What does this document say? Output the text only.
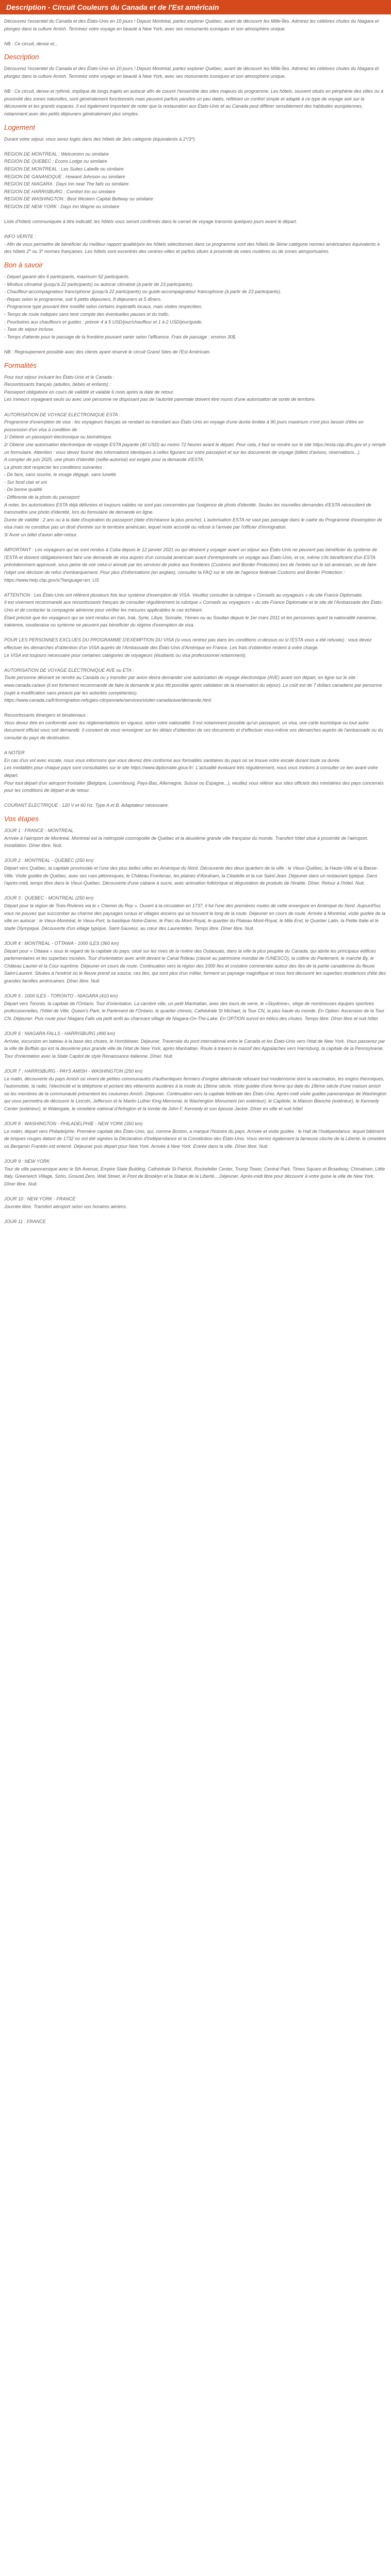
Description - Circuit Couleurs du Canada et de l'Est américain

Découvrez l'essentiel du Canada et des États-Unis en 10 jours ! Depuis Montréal, partez explorer Québec, avant de découvrir les Mille-Îles. Admirez les célèbres chutes du Niagara et plongez dans la culture Amish. Terminez votre voyage en beauté à New York, avec ses monuments iconiques et son atmosphère unique.

NB : Ce circuit, dense et...

Description

Découvrez l'essentiel du Canada et des États-Unis en 10 jours ! Depuis Montréal, partez explorer Québec, avant de découvrir les Mille-Îles. Admirez les célèbres chutes du Niagara et plongez dans la culture Amish. Terminez votre voyage en beauté à New York, avec ses monuments iconiques et son atmosphère unique.

NB : Ce circuit, dense et rythmé, implique de longs trajets en autocar afin de couvrir l'ensemble des sites majeurs du programme. Les hôtels, souvent situés en périphérie des villes ou à proximité des zones naturelles, sont généralement fonctionnels mais peuvent parfois paraître un peu datés, reflétant un confort simple et adapté à ce type de voyage axé sur la découverte et les grands espaces. Il est également important de noter que la restauration aux États-Unis et au Canada peut différer sensiblement des habitudes européennes, notamment avec des petits déjeuners généralement plus simples.

Logement

Durant votre séjour, vous serez logés dans des hôtels de 3ets catégorie (équivalents à 2*/3*).

REGION DE MONTREAL : Welcominn ou similaire

REGION DE QUEBEC : Econo Lodge ou similaire

REGION DE MONTREAL : Les Suites Labelle ou similaire

REGION DE GANANOQUE : Howard Johnson ou similaire

REGION DE NIAGARA : Days Inn near The falls ou similaire

REGION DE HARRISBURG : Comfort Inn ou similaire

REGION DE WASHINGTON : Best Western Capital Beltway ou similaire

REGION DE NEW YORK : Days Inn Wayne ou similaire

Liste d'hôtels communiquée à titre indicatif, les hôtels vous seront confirmés dans le carnet de voyage transmis quelques jours avant le départ.

INFO VERITE :

- Afin de vous permettre de bénéficier du meilleur rapport qualité/prix les hôtels sélectionnés dans ce programme sont des hôtels de 3ème catégorie normes américaines équivalents à des hôtels 2* ou 3* normes françaises. Les hôtels sont excentrés des centres-villes et parfois situés à proximité de voies routières ou de zones aéroportuaires.

Bon à savoir

- Départ garanti dès 6 participants, maximum 52 participants.

- Minibus climatisé (jusqu'à 22 participants) ou autocar climatisé (à partir de 23 participants).

- Chauffeur-accompagnateur francophone (jusqu'à 22 participants) ou guide-accompagnateur francophone (à partir de 23 participants).

- Repas selon le programme, soit 9 petits déjeuners, 8 déjeuners et 5 dîners.

- Programme type pouvant être modifié selon certains impératifs locaux, mais visites respectées.

- Temps de route indiqués sans tenir compte des éventuelles pauses et du trafic.

- Pourboires aux chauffeurs et guides : prévoir 4 à 5 USD/jour/chauffeur et 1 à 2 USD/jour/guide.

- Taxe de séjour incluse.

- Temps d'attente pour le passage de la frontière pouvant varier selon l'affluence. Frais de passage : environ 30$.

NB : Regroupement possible avec des clients ayant réservé le circuit Grand Sites de l'Est Américain.

Formalités

Pour tout séjour incluant les États-Unis et le Canada :

Ressortissants français (adultes, bébés et enfants) :

Passeport obligatoire en cours de validité et valable 6 mois après la date de retour.

Les mineurs voyageant seuls ou avec une personne ne disposant pas de l'autorité parentale doivent être munis d'une autorisation de sortie de territoire.

AUTORISATION DE VOYAGE ELECTRONIQUE ESTA :

Programme d'exemption de visa : les voyageurs français se rendant ou transitant aux États-Unis en voyage d'une durée limitée à 90 jours maximum n'ont plus besoin d'être en possession d'un visa à condition de :

1/ Détenir un passeport électronique ou biométrique.

2/ Obtenir une autorisation électronique de voyage ESTA payante (40 USD) au moins 72 heures avant le départ. Pour cela, il faut se rendre sur le site https://esta.cbp.dhs.gov et y remplir un formulaire. Attention : vous devez fournir des informations identiques à celles figurant sur votre passeport et sur les documents de voyage (billets d'avions, réservations...).

A compter de juin 2025, une photo d'identité (selfie-autorisé) est exigée pour la demande d'ESTA.

La photo doit respecter les conditions suivantes :

- De face, sans sourire, le visage dégagé, sans lunette

- Sur fond clair et uni

- De bonne qualité

- Différente de la photo du passeport

A noter, les autorisations ESTA déjà délivrées et toujours valides ne sont pas concernées par l'exigence de photo d'identité. Seules les nouvelles demandes d'ESTA nécessitent de transmettre une photo d'identité, lors du formulaire de demande en ligne.

Durée de validité : 2 ans ou à la date d'expiration du passeport (date d'échéance la plus proche). L'autorisation ESTA ne vaut pas passage dans le cadre du Programme d'exemption de visa mais ne constitue pas un droit d'entrée sur le territoire américain, lequel reste accordé ou refusé à l'arrivée par l'officier d'immigration.

3/ Avoir un billet d'avion aller-retour.

IMPORTANT : Les voyageurs qui se sont rendus à Cuba depuis le 12 janvier 2021 ou qui désirent y voyager avant un séjour aux États-Unis ne peuvent pas bénéficier du système de l'ESTA et doivent obligatoirement faire une demande de visa auprès d'un consulat américain avant d'entreprendre un voyage aux États-Unis, et ce, même s'ils bénéficient d'un ESTA précédemment approuvé, sous peine de voir celui-ci annulé par les services de police aux frontières (Customs and Border Protection) lors de l'entrée sur le sol américain, ou de faire l'objet une décision de refus d'embarquement. Pour plus d'informations (en anglais), consulter la FAQ sur le site de l'agence fédérale Customs and Border Protection : https://www.help.cbp.gov/s/?language=en_US

ATTENTION : Les États-Unis ont référent plusieurs fois leur système d'exemption de VISA. Veuillez consulter la rubrique « Conseils au voyageurs » du site France Diplomatie.

Il est vivement recommandé aux ressortissants français de consulter régulièrement la rubrique « Conseils au voyageurs » du site France Diplomatie et le site de l'Ambassade des États-Unis et de contacter la compagnie aérienne pour vérifier les mesures applicables le cas échéant.

Étant précisé que les voyageurs qui se sont rendus en Iran, Irak, Syrie, Libye, Somalie, Yémen ou au Soudan depuis le 1er mars 2011 et les personnes ayant la nationalité iranienne, irakienne, soudanaise ou syrienne ne peuvent pas bénéficier du régime d'exemption de visa.

POUR LES PERSONNES EXCLUES DU PROGRAMME D'EXEMPTION DU VISA (si vous rentrez pas dans les conditions ci-dessus ou si l'ESTA vous a été refusée) : vous devez effectuer les démarches d'obtention d'un VISA auprès de l'Ambassade des États-Unis d'Amérique en France. Les frais d'obtention restent à votre charge.

Le VISA est toujours nécessaire pour certaines catégories de voyageurs (étudiants ou visa professionnel notamment).

AUTORISATION DE VOYAGE ELECTRONIQUE AVE ou ETA :

Toute personne désirant se rendre au Canada ou y transiter par avion devra demander une autorisation de voyage électronique (AVE) avant son départ, en ligne sur le site : www.canada.ca/ave (il est fortement recommandé de faire la demande le plus tôt possible après validation de la réservation du séjour). Le coût est de 7 dollars canadiens par personne (sujet à modification sans préavis par les autorités compétentes).

https://www.canada.ca/fr/immigration-refugies-citoyennete/services/visiter-canada/ave/demande.html

Ressortissants étrangers et binationaux :

Vous devez être en conformité avec les réglementations en vigueur, selon votre nationalité. Il est notamment possible qu'un passeport, un visa, une carte touristique ou tout autre document officiel vous soit demandé. Il convient de vous renseigner sur les délais d'obtention de ces documents et d'effectuer vous-même vos démarches auprès de l'ambassade ou du consulat du pays de destination.

A NOTER

En cas d'un vol avec escale, nous vous informons que vous devrez être conforme aux formalités sanitaires du pays où se trouve votre escale durant toute sa durée.

Les modalités pour chaque pays sont consultables sur le site https://www.diplomatie.gouv.fr/. L'actualité évoluant très régulièrement, nous vous invitons à consulter ce lien avant votre départ.

Pour tout départ d'un aéroport frontalier (Belgique, Luxembourg, Pays-Bas, Allemagne, Suisse ou Espagne...), veuillez vous référer aux sites officiels des ministères des pays concernés pour les conditions de départ et de retour.

COURANT ELECTRIQUE : 120 V et 60 Hz. Type A et B. Adaptateur nécessaire.

Vos étapes

JOUR 1 : FRANCE - MONTREAL

Arrivée à l'aéroport de Montréal. Montréal est la métropole cosmopolite de Québec et la deuxième grande ville française du monde. Transfert hôtel situé à proximité de l'aéroport. Installation. Dîner libre. Nuit.

JOUR 2 : MONTREAL - QUEBEC (250 km)

Départ vers Québec, la capitale provinciale et l'une des plus belles villes en Amérique du Nord. Découverte des deux quartiers de la ville : le Vieux-Québec, la Haute-Ville et la Basse-Ville. Visite guidée de Québec, avec ses rues pittoresques, le Château Frontenac, les plaines d'Abraham, la Citadelle et la rue Saint-Jean. Déjeuner dans un restaurant typique. Dans l'après-midi, temps libre dans le Vieux-Québec. Découverte d'une cabane à sucre, avec animation folklorique et dégustation de produits de l'érable. Dîner. Retour à l'hôtel. Nuit.

JOUR 3 : QUEBEC - MONTREAL (250 km)

Départ pour la région de Trois-Rivières via le « Chemin du Roy ». Ouvert à la circulation en 1737, il fut l'une des premières routes de cette envergure en Amérique du Nord. Aujourd'hui, vous ne pouvez que succomber au charme des paysages ruraux et villages anciens qui se trouvent le long de la route. Déjeuner en cours de route. Arrivée à Montréal, visite guidée de la ville en autocar : le Vieux-Montréal, le Vieux-Port, la basilique Notre-Dame, le Parc du Mont-Royal, le quartier du Plateau Mont-Royal, le Mile End, le Quartier Latin, la Petite Italie et le stade Olympique. Découverte d'un village typique, Saint-Sauveur, au cœur des Laurentides. Temps libre. Dîner libre. Nuit.

JOUR 4 : MONTREAL - OTTAWA - 1000 ILES (360 km)

Départ pour « Ottawa » sous le regard de la capitale du pays, situé sur les rives de la rivière des Outaouais, dans la ville la plus peuplée du Canada, qui abrite les principaux édifices parlementaires et les superbes musées. Tour d'orientation avec arrêt devant le Canal Rideau (classé au patrimoine mondial de l'UNESCO), la colline du Parlement, le marché By, le Château Laurier et la Cour suprême. Déjeuner en cours de route. Continuation vers la région des 1000 îles et croisière commentée autour des îles de la partie canadienne du fleuve Saint-Laurent. Situées à l'endroit où le fleuve prend sa source, ces îles, qui sont plus d'un millier, forment un paysage magnifique et nous font découvrir les superbes résidences d'été des grandes familles américaines. Dîner libre. Nuit.

JOUR 5 : 1000 ILES - TORONTO - NIAGARA (410 km)

Départ vers Toronto, la capitale de l'Ontario. Tour d'orientation. La carrière ville, un petit Manhattan, avec des tours de verre, le «Skydome», siège de nombreuses équipes sportives professionnelles, l'hôtel de Ville, Queen's Park, le Parlement de l'Ontario, le quartier chinois, Cathédrale St Michael, la Tour CN, la plus haute du monde. En Option: Ascension de la Tour CN. Déjeuner. Puis route pour Niagara Falls via petit arrêt au charmant village de Niagara-On-The-Lake. En OPTION survol en hélico des chutes. Temps libre. Dîner libre et nuit hôtel.

JOUR 6 : NIAGARA FALLS - HARRISBURG (490 km)

Arrivée, excursion en bateau à la base des chutes, le Hornblower. Déjeuner. Traversée du pont international entre le Canada et les États-Unis vers l'état de New York. Vous passerez par la ville de Buffalo qui est la deuxième plus grande ville de l'état de New York, après Manhattan. Route à travers le massif des Appalaches vers Harrisburg, la capitale de la Pennsylvanie. Tour d'orientation avec la State Capitol de style Renaissance italienne. Dîner. Nuit.

JOUR 7 : HARRISBURG - PAYS AMISH - WASHINGTON (250 km)

Le matin, découverte du pays Amish où vivent de petites communautés d'authentiques fermiers d'origine allemande refusant tout modernisme dont la vaccination, les engins thermiques, l'automobile, la radio, l'électricité et la téléphone et portant des vêtements austères à la mode du 18ème siècle. Visite guidée d'une ferme qui date du 18ème siècle d'une maison amish où les membres de la communauté présentent les coutumes Amish. Déjeuner. Continuation vers la capitale fédérale des États-Unis. Après-midi visite guidée panoramique de Washington qui vous permettra de découvrir le Lincoln, Jefferson et le Martin Luther King Memorial, le Washington Monument (en extérieur), le Capitole, la Maison Blanche (extérieur), le Kennedy Center (extérieur), le Watergate, le cimetière national d'Arlington et la tombe de John F. Kennedy et son épouse Jackie. Dîner en ville et nuit hôtel

JOUR 8 : WASHINGTON - PHILADELPHIE - NEW YORK (350 km)

Le matin, départ vers Philadelphie. Première capitale des États-Unis, qui, comme Boston, a marqué l'histoire du pays. Arrivée et visite guidée : le Hall de l'Indépendance, lequel bâtiment de briques rouges datant de 1732 où ont été signées la Déclaration d'Indépendance et la Constitution des États-Unis. Vous verrez également la fameuse cloche de la Liberté, le cimetière où Benjamin Franklin est enterré. Déjeuner puis départ pour New York. Arrivée à New York. Entrée dans la ville. Dîner libre. Nuit.

JOUR 9 : NEW YORK

Tour de ville panoramique avec le 5th Avenue, Empire State Building, Cathédrale St Patrick, Rockefeller Center, Trump Tower, Central Park, Times Square et Broadway, Chinatown, Little Italy, Greenwich Village, Soho, Ground Zero, Wall Street, le Pont de Brooklyn et la Statue de la Liberté... Déjeuner. Après-midi libre pour découvrir à votre guise la ville de New York. Dîner libre. Nuit.

JOUR 10 : NEW YORK - FRANCE

Journée libre. Transfert aéroport selon vos horaires aériens.

JOUR 11 : FRANCE
